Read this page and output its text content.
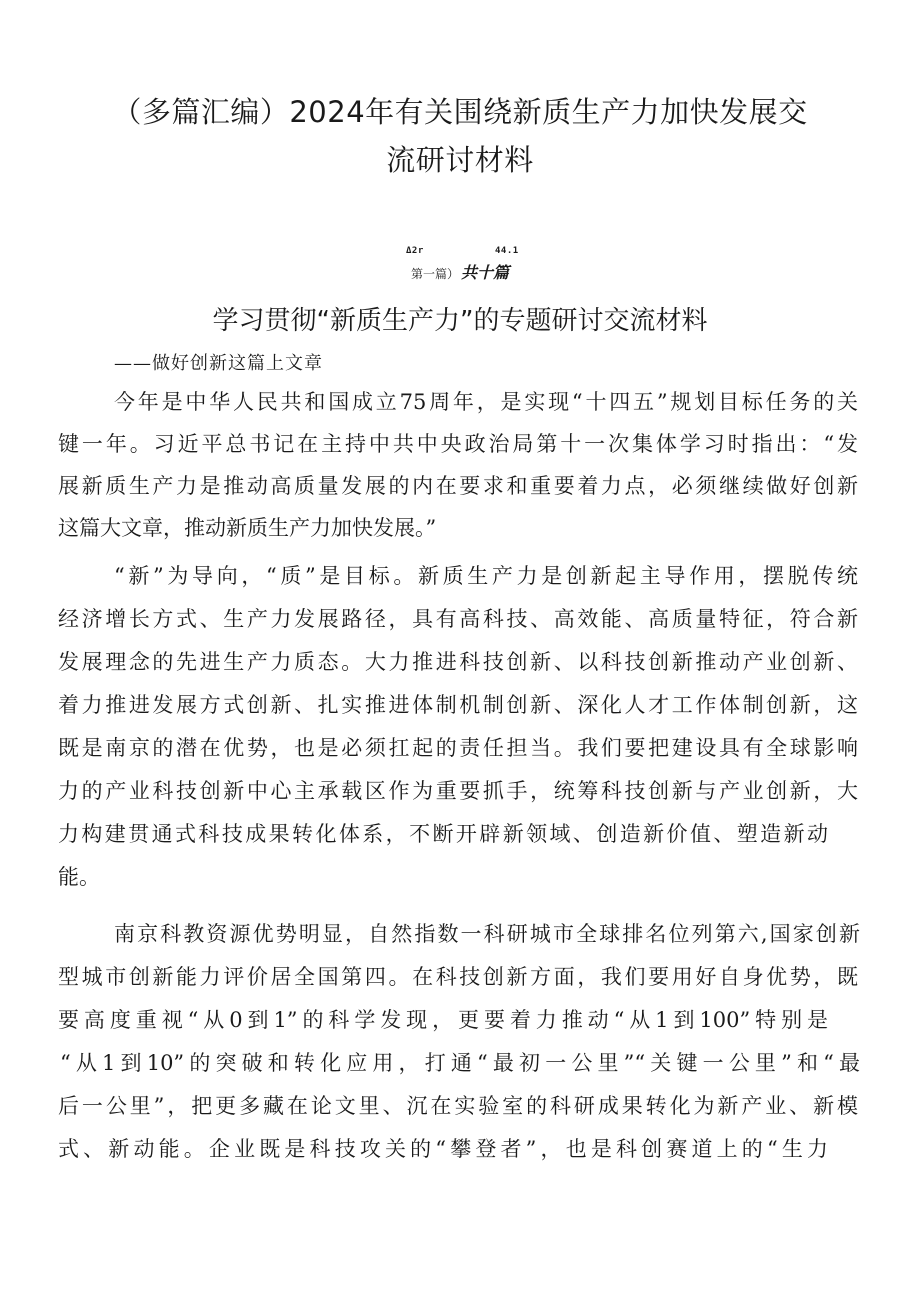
（多篇汇编）2024年有关围绕新质生产力加快发展交
流研讨材料
Δ2r	44.1
第一篇） 共十篇
学习贯彻“新质生产力”的专题研讨交流材料
——做好创新这篇上文章
今年是中华人民共和国成立75周年，是实现“十四五”规划目标任务的关
键一年。习近平总书记在主持中共中央政治局第十一次集体学习时指出：“发
展新质生产力是推动高质量发展的内在要求和重要着力点，必须继续做好创新
这篇大文章，推动新质生产力加快发展。”
“新”为导向，“质”是目标。新质生产力是创新起主导作用，摆脱传统
经济增长方式、生产力发展路径，具有高科技、高效能、高质量特征，符合新
发展理念的先进生产力质态。大力推进科技创新、以科技创新推动产业创新、
着力推进发展方式创新、扎实推进体制机制创新、深化人才工作体制创新，这
既是南京的潜在优势，也是必须扛起的责任担当。我们要把建设具有全球影响
力的产业科技创新中心主承载区作为重要抓手，统筹科技创新与产业创新，大
力构建贯通式科技成果转化体系，不断开辟新领域、创造新价值、塑造新动
能。
南京科教资源优势明显，自然指数一科研城市全球排名位列第六,国家创新
型城市创新能力评价居全国第四。在科技创新方面，我们要用好自身优势，既
要高度重视“从0到1”的科学发现，更要着力推动“从1到100”特别是
“从1到10”的突破和转化应用，打通“最初一公里”“关键一公里”和“最
后一公里”，把更多藏在论文里、沉在实验室的科研成果转化为新产业、新模
式、新动能。企业既是科技攻关的“攀登者”，也是科创赛道上的“生力
